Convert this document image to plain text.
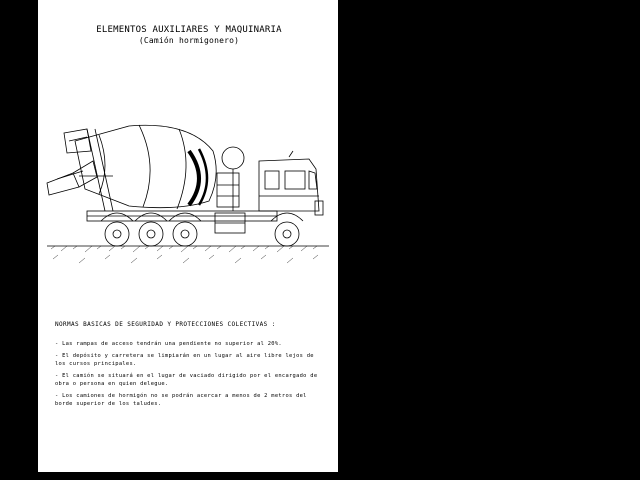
ELEMENTOS AUXILIARES Y MAQUINARIA
(Camión hormigonero)
NORMAS BASICAS DE SEGURIDAD Y PROTECCIONES COLECTIVAS :
- Las rampas de acceso tendrán una pendiente no superior al 20%.
- El depósito y carretera se limpiarán en un lugar al aire libre lejos de los cursos principales.
- El camión se situará en el lugar de vaciado dirigido por el encargado de obra o persona en quien delegue.
- Los camiones de hormigón no se podrán acercar a menos de 2 metros del borde superior de los taludes.
